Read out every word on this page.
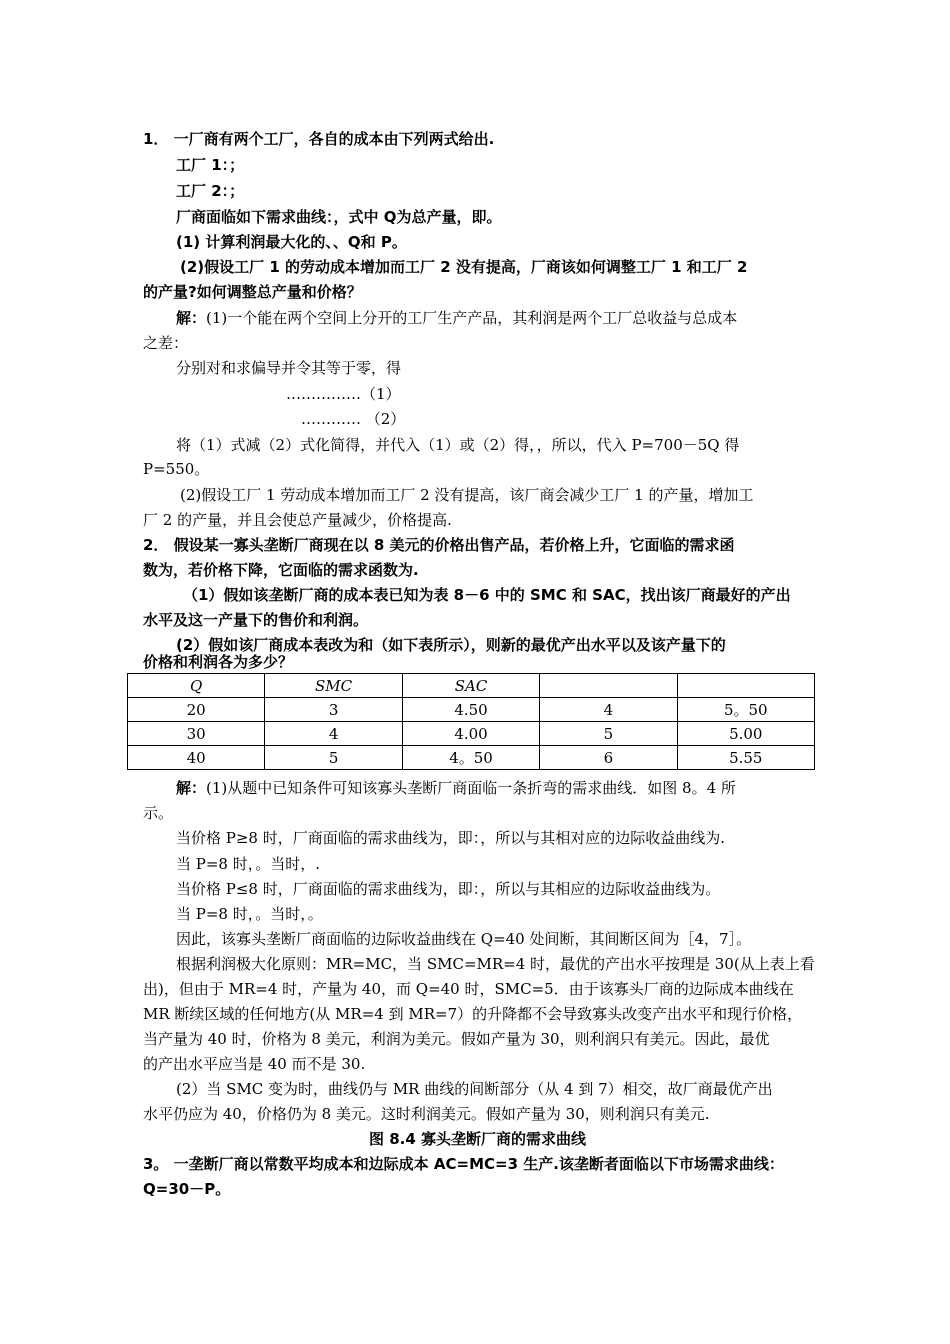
1． 一厂商有两个工厂，各自的成本由下列两式给出.
工厂 1：；
工厂 2：；
厂商面临如下需求曲线：，式中 Q为总产量，即。
(1) 计算利润最大化的、、Q和 P。
(2)假设工厂 1 的劳动成本增加而工厂 2 没有提高，厂商该如何调整工厂 1 和工厂 2
的产量?如何调整总产量和价格？
解：(1)一个能在两个空间上分开的工厂生产产品，其利润是两个工厂总收益与总成本
之差：
分别对和求偏导并令其等于零，得
……………（1）
………… （2）
将（1）式减（2）式化简得，并代入（1）或（2）得，，所以，代入 P=700－5Q 得
P=550。
(2)假设工厂 1 劳动成本增加而工厂 2 没有提高，该厂商会减少工厂 1 的产量，增加工
厂 2 的产量，并且会使总产量减少，价格提高.
2． 假设某一寡头垄断厂商现在以 8 美元的价格出售产品，若价格上升，它面临的需求函
数为，若价格下降，它面临的需求函数为.
（1）假如该垄断厂商的成本表已知为表 8－6 中的 SMC 和 SAC，找出该厂商最好的产出
水平及这一产量下的售价和利润。
(2）假如该厂商成本表改为和（如下表所示），则新的最优产出水平以及该产量下的
价格和利润各为多少？
Q	SMC	SAC		
20	3	4.50	4	5。50
30	4	4.00	5	5.00
40	5	4。50	6	5.55
解：(1)从题中已知条件可知该寡头垄断厂商面临一条折弯的需求曲线．如图 8。4 所
示。
当价格 P≥8 时，厂商面临的需求曲线为，即：，所以与其相对应的边际收益曲线为.
当 P=8 时，。当时，.
当价格 P≤8 时，厂商面临的需求曲线为，即：，所以与其相应的边际收益曲线为。
当 P=8 时，。当时，。
因此，该寡头垄断厂商面临的边际收益曲线在 Q=40 处间断，其间断区间为［4，7］。
根据利润极大化原则：MR=MC，当 SMC=MR=4 时，最优的产出水平按理是 30(从上表上看
出)，但由于 MR=4 时，产量为 40，而 Q=40 时，SMC=5．由于该寡头厂商的边际成本曲线在
MR 断续区域的任何地方(从 MR=4 到 MR=7）的升降都不会导致寡头改变产出水平和现行价格，
当产量为 40 时，价格为 8 美元，利润为美元。假如产量为 30，则利润只有美元。因此，最优
的产出水平应当是 40 而不是 30.
(2）当 SMC 变为时，曲线仍与 MR 曲线的间断部分（从 4 到 7）相交，故厂商最优产出
水平仍应为 40，价格仍为 8 美元。这时利润美元。假如产量为 30，则利润只有美元.
图 8.4 寡头垄断厂商的需求曲线
3。 一垄断厂商以常数平均成本和边际成本 AC=MC=3 生产.该垄断者面临以下市场需求曲线：
Q=30－P。
